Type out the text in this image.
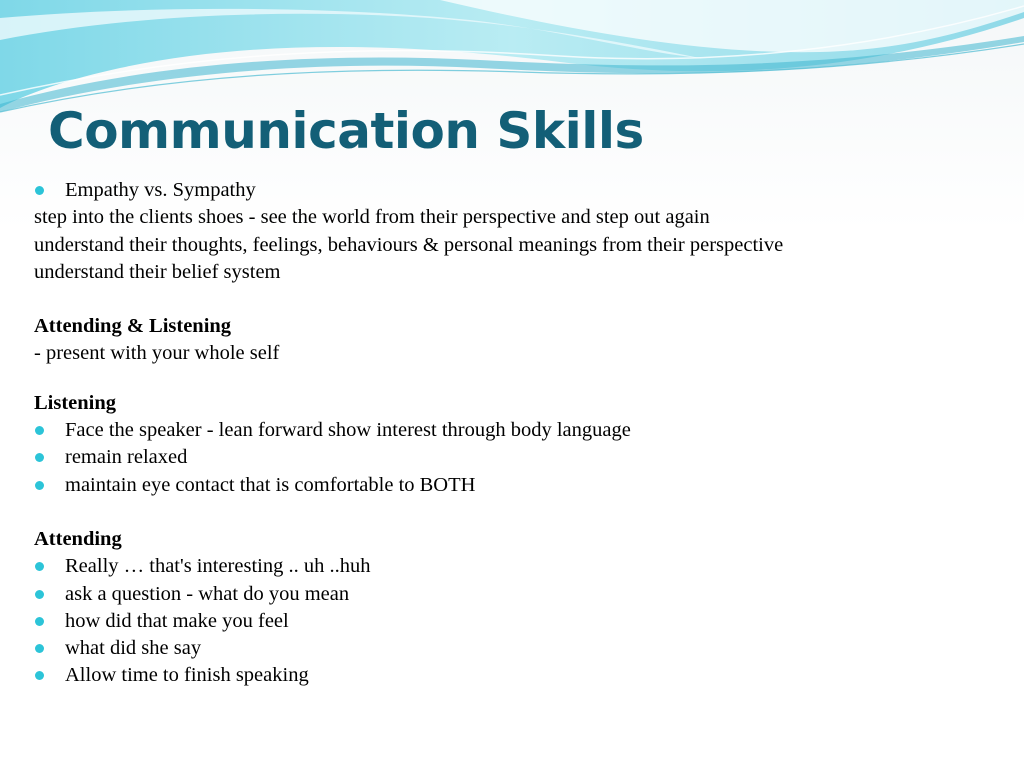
Communication Skills
Empathy vs. Sympathy
step into the clients shoes - see the world from their perspective and step out again
understand their thoughts, feelings, behaviours & personal meanings from their perspective
understand their belief system
Attending & Listening
- present with your whole self
Listening
Face the speaker - lean forward show interest through body language
remain relaxed
maintain eye contact that is comfortable to BOTH
Attending
Really … that's interesting .. uh ..huh
ask a question - what do you mean
how did that make you feel
what did she say
Allow time to finish speaking
